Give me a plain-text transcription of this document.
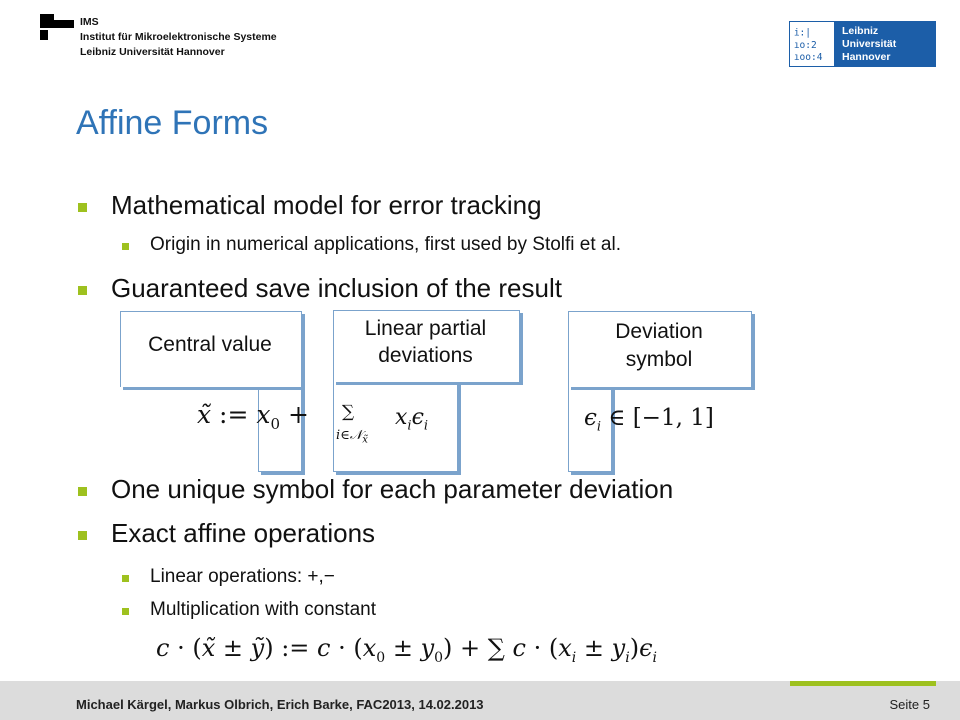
IMS
Institut für Mikroelektronische Systeme
Leibniz Universität Hannover
i:|
ıo:2
ıoo:4
Leibniz
Universität
Hannover
Affine Forms
Mathematical model for error tracking
Origin in numerical applications, first used by Stolfi et al.
Guaranteed save inclusion of the result
Central value
Linear partial
deviations
Deviation
symbol
x̃ := $x_0$ + ∑
i∈𝒩$_{x̃}$
$x_i\epsilon_i$	$\epsilon_i$ ∈ [−1, 1]
One unique symbol for each parameter deviation
Exact affine operations
Linear operations: +,−
Multiplication with constant
c · (x̃ ± ỹ) := $c \cdot (x_0 \pm y_0)$ + ∑ $c \cdot (x_i \pm y_i)\epsilon_i$
Michael Kärgel, Markus Olbrich, Erich Barke, FAC2013, 14.02.2013	Seite 5
